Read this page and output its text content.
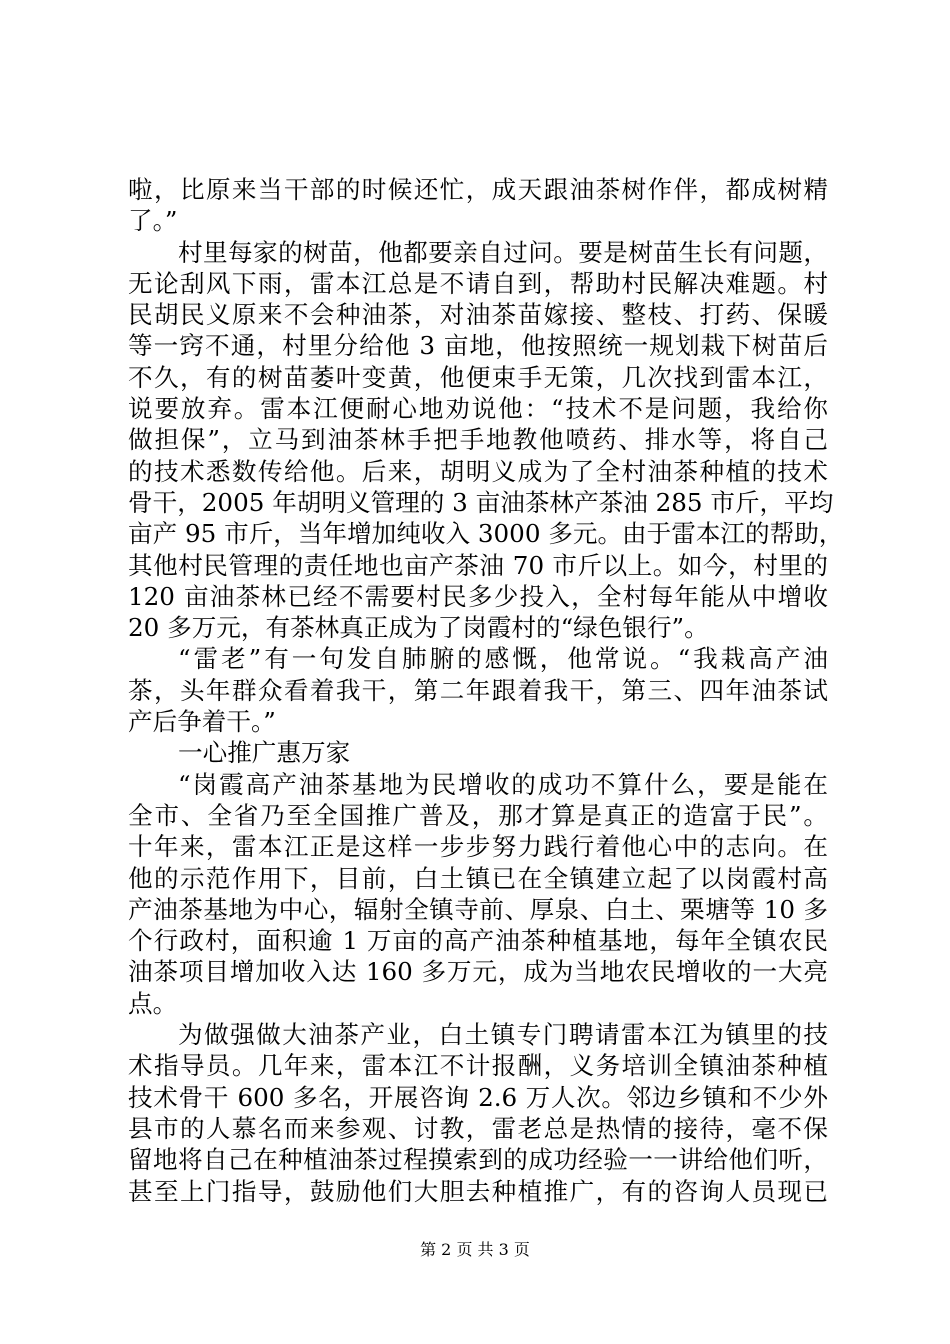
啦，比原来当干部的时候还忙，成天跟油茶树作伴，都成树精
了。”
村里每家的树苗，他都要亲自过问。要是树苗生长有问题，
无论刮风下雨，雷本江总是不请自到，帮助村民解决难题。村
民胡民义原来不会种油茶，对油茶苗嫁接、整枝、打药、保暖
等一窍不通，村里分给他 3 亩地，他按照统一规划栽下树苗后
不久，有的树苗萎叶变黄，他便束手无策，几次找到雷本江，
说要放弃。雷本江便耐心地劝说他：“技术不是问题，我给你
做担保”，立马到油茶林手把手地教他喷药、排水等，将自己
的技术悉数传给他。后来，胡明义成为了全村油茶种植的技术
骨干，2005 年胡明义管理的 3 亩油茶林产茶油 285 市斤，平均
亩产 95 市斤，当年增加纯收入 3000 多元。由于雷本江的帮助，
其他村民管理的责任地也亩产茶油 70 市斤以上。如今，村里的
120 亩油茶林已经不需要村民多少投入，全村每年能从中增收
20 多万元，有茶林真正成为了岗霞村的“绿色银行”。
“雷老”有一句发自肺腑的感慨，他常说。“我栽高产油
茶，头年群众看着我干，第二年跟着我干，第三、四年油茶试
产后争着干。”
一心推广惠万家
“岗霞高产油茶基地为民增收的成功不算什么，要是能在
全市、全省乃至全国推广普及，那才算是真正的造富于民”。
十年来，雷本江正是这样一步步努力践行着他心中的志向。在
他的示范作用下，目前，白土镇已在全镇建立起了以岗霞村高
产油茶基地为中心，辐射全镇寺前、厚泉、白土、栗塘等 10 多
个行政村，面积逾 1 万亩的高产油茶种植基地，每年全镇农民
油茶项目增加收入达 160 多万元，成为当地农民增收的一大亮
点。
为做强做大油茶产业，白土镇专门聘请雷本江为镇里的技
术指导员。几年来，雷本江不计报酬，义务培训全镇油茶种植
技术骨干 600 多名，开展咨询 2.6 万人次。邻边乡镇和不少外
县市的人慕名而来参观、讨教，雷老总是热情的接待，毫不保
留地将自己在种植油茶过程摸索到的成功经验一一讲给他们听，
甚至上门指导，鼓励他们大胆去种植推广，有的咨询人员现已
第 2 页 共 3 页
